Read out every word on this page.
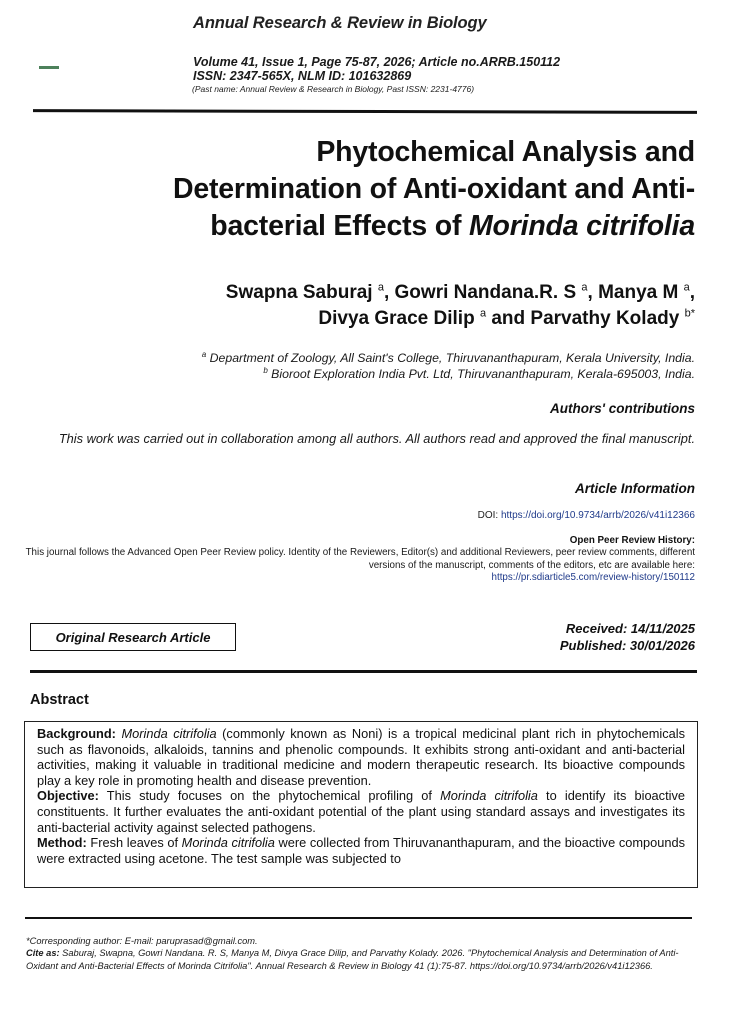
Annual Research & Review in Biology
Volume 41, Issue 1, Page 75-87, 2026; Article no.ARRB.150112
ISSN: 2347-565X, NLM ID: 101632869
(Past name: Annual Review & Research in Biology, Past ISSN: 2231-4776)
Phytochemical Analysis and
Determination of Anti-oxidant and Anti-
bacterial Effects of Morinda citrifolia
Swapna Saburaj $^a$, Gowri Nandana.R. S $^a$, Manya M $^a$,
Divya Grace Dilip $^a$ and Parvathy Kolady $^{b*}$
$^a$ Department of Zoology, All Saint's College, Thiruvananthapuram, Kerala University, India.
$^b$ Bioroot Exploration India Pvt. Ltd, Thiruvananthapuram, Kerala-695003, India.
Authors' contributions
This work was carried out in collaboration among all authors. All authors read and approved the final manuscript.
Article Information
DOI: https://doi.org/10.9734/arrb/2026/v41i12366
Open Peer Review History:
This journal follows the Advanced Open Peer Review policy. Identity of the Reviewers, Editor(s) and additional Reviewers, peer review comments, different versions of the manuscript, comments of the editors, etc are available here:
https://pr.sdiarticle5.com/review-history/150112
Original Research Article
Received: 14/11/2025
Published: 30/01/2026
Abstract

Background: Morinda citrifolia (commonly known as Noni) is a tropical medicinal plant rich in phytochemicals such as flavonoids, alkaloids, tannins and phenolic compounds. It exhibits strong anti-oxidant and anti-bacterial activities, making it valuable in traditional medicine and modern therapeutic research. Its bioactive compounds play a key role in promoting health and disease prevention.

Objective: This study focuses on the phytochemical profiling of Morinda citrifolia to identify its bioactive constituents. It further evaluates the anti-oxidant potential of the plant using standard assays and investigates its anti-bacterial activity against selected pathogens.

Method: Fresh leaves of Morinda citrifolia were collected from Thiruvananthapuram, and the bioactive compounds were extracted using acetone. The test sample was subjected to

*Corresponding author: E-mail: paruprasad@gmail.com.
Cite as: Saburaj, Swapna, Gowri Nandana. R. S, Manya M, Divya Grace Dilip, and Parvathy Kolady. 2026. "Phytochemical Analysis and Determination of Anti-Oxidant and Anti-Bacterial Effects of Morinda Citrifolia". Annual Research & Review in Biology 41 (1):75-87. https://doi.org/10.9734/arrb/2026/v41i12366.
